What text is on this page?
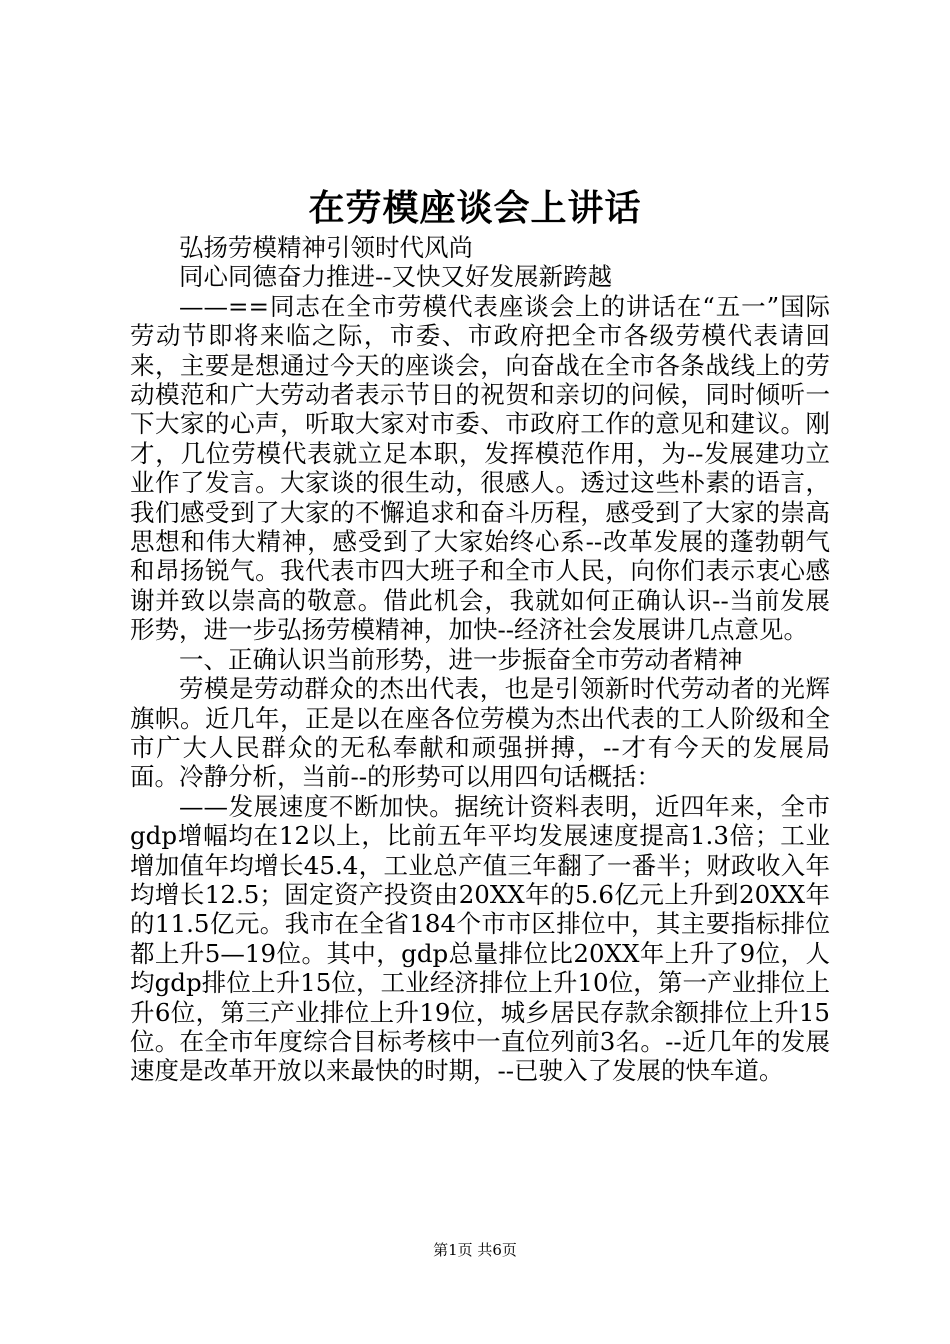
在劳模座谈会上讲话

弘扬劳模精神引领时代风尚

同心同德奋力推进--又快又好发展新跨越

——==同志在全市劳模代表座谈会上的讲话在“五一”国际劳动节即将来临之际，市委、市政府把全市各级劳模代表请回来，主要是想通过今天的座谈会，向奋战在全市各条战线上的劳动模范和广大劳动者表示节日的祝贺和亲切的问候，同时倾听一下大家的心声，听取大家对市委、市政府工作的意见和建议。刚才，几位劳模代表就立足本职，发挥模范作用，为--发展建功立业作了发言。大家谈的很生动，很感人。透过这些朴素的语言，我们感受到了大家的不懈追求和奋斗历程，感受到了大家的崇高思想和伟大精神，感受到了大家始终心系--改革发展的蓬勃朝气和昂扬锐气。我代表市四大班子和全市人民，向你们表示衷心感谢并致以崇高的敬意。借此机会，我就如何正确认识--当前发展形势，进一步弘扬劳模精神，加快--经济社会发展讲几点意见。

一、正确认识当前形势，进一步振奋全市劳动者精神

劳模是劳动群众的杰出代表，也是引领新时代劳动者的光辉旗帜。近几年，正是以在座各位劳模为杰出代表的工人阶级和全市广大人民群众的无私奉献和顽强拼搏，--才有今天的发展局面。冷静分析，当前--的形势可以用四句话概括：

——发展速度不断加快。据统计资料表明，近四年来，全市gdp增幅均在12以上，比前五年平均发展速度提高1.3倍；工业增加值年均增长45.4，工业总产值三年翻了一番半；财政收入年均增长12.5；固定资产投资由20XX年的5.6亿元上升到20XX年的11.5亿元。我市在全省184个市市区排位中，其主要指标排位都上升5—19位。其中，gdp总量排位比20XX年上升了9位，人均gdp排位上升15位，工业经济排位上升10位，第一产业排位上升6位，第三产业排位上升19位，城乡居民存款余额排位上升15位。在全市年度综合目标考核中一直位列前3名。--近几年的发展速度是改革开放以来最快的时期，--已驶入了发展的快车道。

第1页 共6页
